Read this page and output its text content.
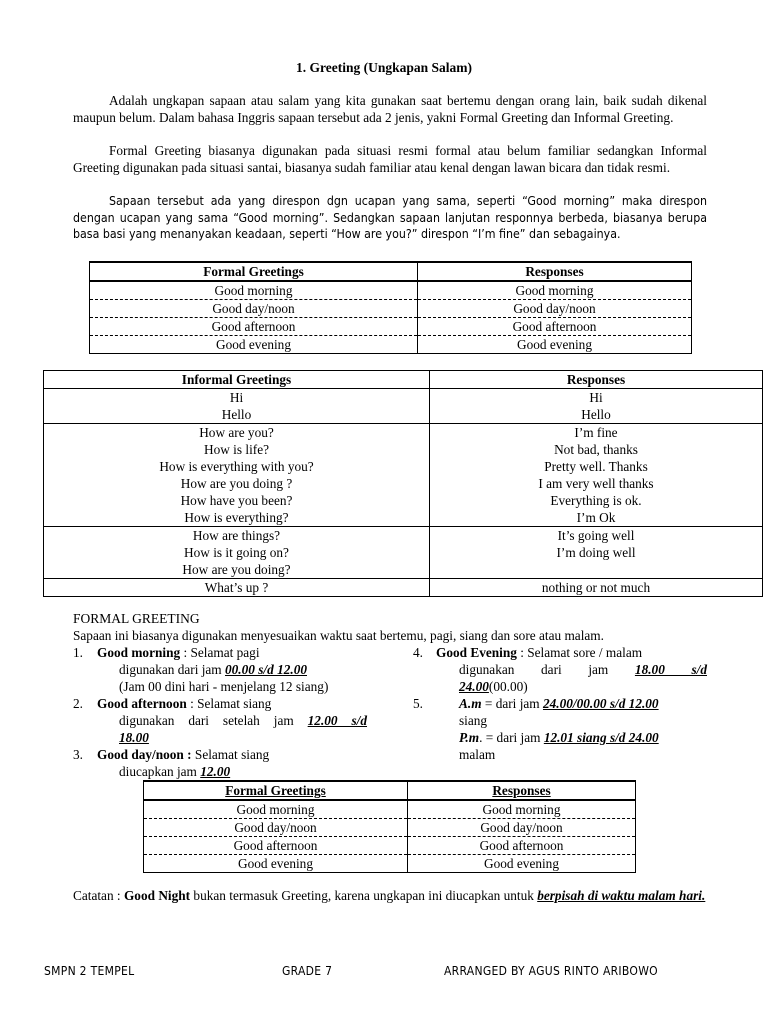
1. Greeting (Ungkapan Salam)
Adalah ungkapan sapaan atau salam yang kita gunakan saat bertemu dengan orang lain, baik sudah dikenal maupun belum. Dalam bahasa Inggris sapaan tersebut ada 2 jenis, yakni Formal Greeting dan Informal Greeting.
Formal Greeting biasanya digunakan pada situasi resmi formal atau belum familiar sedangkan Informal Greeting digunakan pada situasi santai, biasanya sudah familiar atau kenal dengan lawan bicara dan tidak resmi.
Sapaan tersebut ada yang direspon dgn ucapan yang sama, seperti “Good morning” maka direspon dengan ucapan yang sama “Good morning”. Sedangkan sapaan lanjutan responnya berbeda, biasanya berupa basa basi yang menanyakan keadaan, seperti “How are you?” direspon “I’m fine” dan sebagainya.
Formal Greetings	Responses
Good morning	Good morning
Good day/noon	Good day/noon
Good afternoon	Good afternoon
Good evening	Good evening
Informal Greetings	Responses
Hi	Hi
Hello	Hello
How are you?	I’m fine
How is life?	Not bad, thanks
How is everything with you?	Pretty well. Thanks
How are you doing ?	I am very well thanks
How have you been?	Everything is ok.
How is everything?	I’m Ok
How are things?	It’s going well
How is it going on?	I’m doing well
How are you doing?	
What’s up ?	nothing or not much
FORMAL GREETING
Sapaan ini biasanya digunakan menyesuaikan waktu saat bertemu, pagi, siang dan sore atau malam.
1. Good morning : Selamat pagi
digunakan dari jam 00.00 s/d 12.00
(Jam 00 dini hari - menjelang 12 siang)
2. Good afternoon : Selamat siang
digunakan dari setelah jam 12.00 s/d
18.00
3. Good day/noon : Selamat siang
diucapkan jam 12.00
4. Good Evening : Selamat sore / malam
digunakan      dari      jam      18.00      s/d
24.00(00.00)
5.	A.m = dari jam 24.00/00.00 s/d 12.00
siang
P.m. = dari jam 12.01 siang s/d 24.00
malam
Formal Greetings	Responses
Good morning	Good morning
Good day/noon	Good day/noon
Good afternoon	Good afternoon
Good evening	Good evening
Catatan : Good Night bukan termasuk Greeting, karena ungkapan ini diucapkan untuk berpisah di waktu malam hari.
SMPN 2 TEMPEL	GRADE 7	ARRANGED BY AGUS RINTO ARIBOWO
